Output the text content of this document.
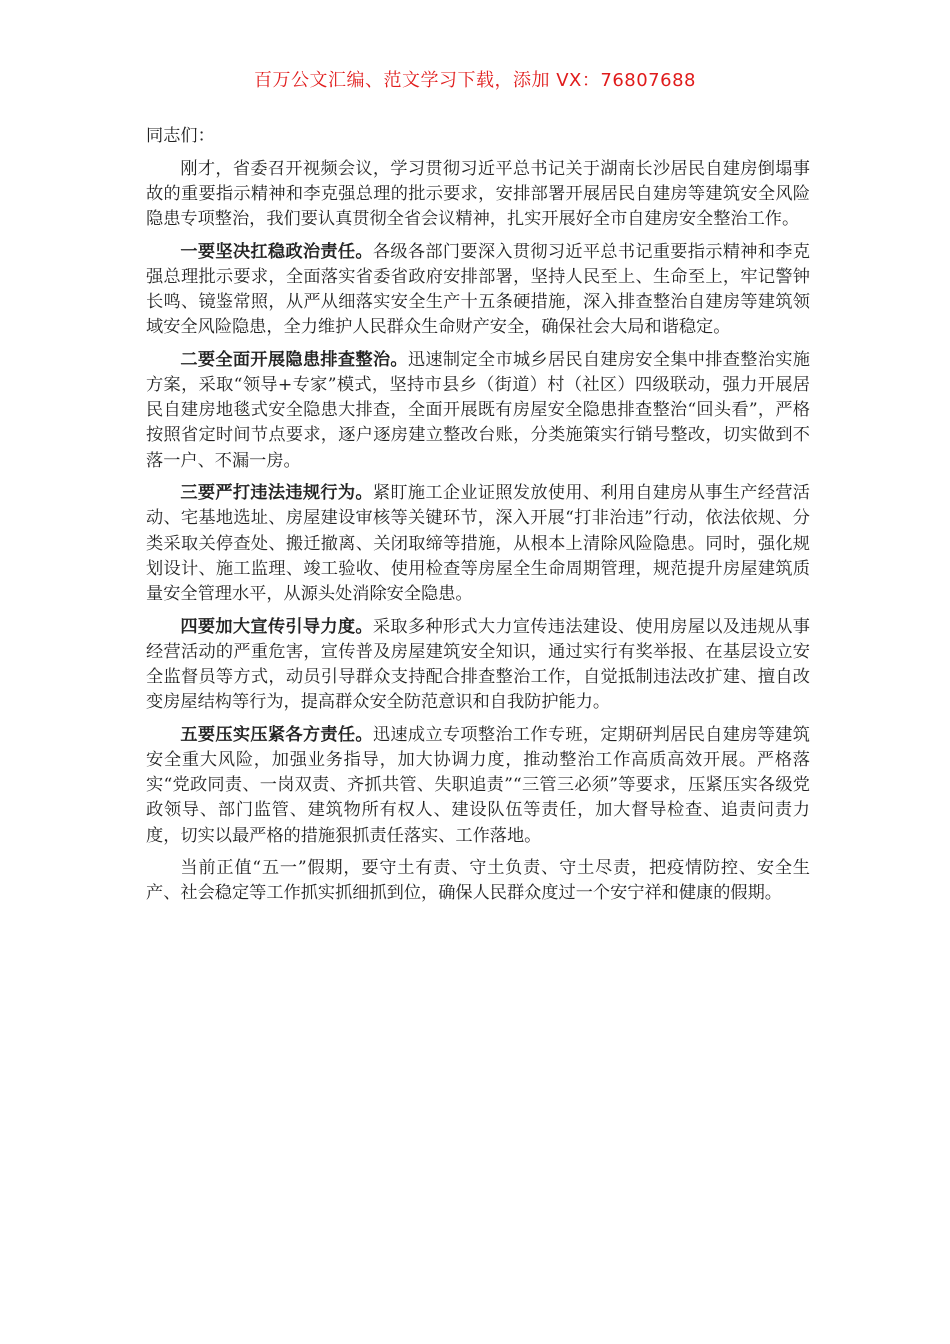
百万公文汇编、范文学习下载，添加 VX：76807688

同志们：

刚才，省委召开视频会议，学习贯彻习近平总书记关于湖南长沙居民自建房倒塌事故的重要指示精神和李克强总理的批示要求，安排部署开展居民自建房等建筑安全风险隐患专项整治，我们要认真贯彻全省会议精神，扎实开展好全市自建房安全整治工作。

一要坚决扛稳政治责任。各级各部门要深入贯彻习近平总书记重要指示精神和李克强总理批示要求，全面落实省委省政府安排部署，坚持人民至上、生命至上，牢记警钟长鸣、镜鉴常照，从严从细落实安全生产十五条硬措施，深入排查整治自建房等建筑领域安全风险隐患，全力维护人民群众生命财产安全，确保社会大局和谐稳定。

二要全面开展隐患排查整治。迅速制定全市城乡居民自建房安全集中排查整治实施方案，采取“领导+专家”模式，坚持市县乡（街道）村（社区）四级联动，强力开展居民自建房地毯式安全隐患大排查，全面开展既有房屋安全隐患排查整治“回头看”，严格按照省定时间节点要求，逐户逐房建立整改台账，分类施策实行销号整改，切实做到不落一户、不漏一房。

三要严打违法违规行为。紧盯施工企业证照发放使用、利用自建房从事生产经营活动、宅基地选址、房屋建设审核等关键环节，深入开展“打非治违”行动，依法依规、分类采取关停查处、搬迁撤离、关闭取缔等措施，从根本上清除风险隐患。同时，强化规划设计、施工监理、竣工验收、使用检查等房屋全生命周期管理，规范提升房屋建筑质量安全管理水平，从源头处消除安全隐患。

四要加大宣传引导力度。采取多种形式大力宣传违法建设、使用房屋以及违规从事经营活动的严重危害，宣传普及房屋建筑安全知识，通过实行有奖举报、在基层设立安全监督员等方式，动员引导群众支持配合排查整治工作，自觉抵制违法改扩建、擅自改变房屋结构等行为，提高群众安全防范意识和自我防护能力。

五要压实压紧各方责任。迅速成立专项整治工作专班，定期研判居民自建房等建筑安全重大风险，加强业务指导，加大协调力度，推动整治工作高质高效开展。严格落实“党政同责、一岗双责、齐抓共管、失职追责”“三管三必须”等要求，压紧压实各级党政领导、部门监管、建筑物所有权人、建设队伍等责任，加大督导检查、追责问责力度，切实以最严格的措施狠抓责任落实、工作落地。

当前正值“五一”假期，要守土有责、守土负责、守土尽责，把疫情防控、安全生产、社会稳定等工作抓实抓细抓到位，确保人民群众度过一个安宁祥和健康的假期。
